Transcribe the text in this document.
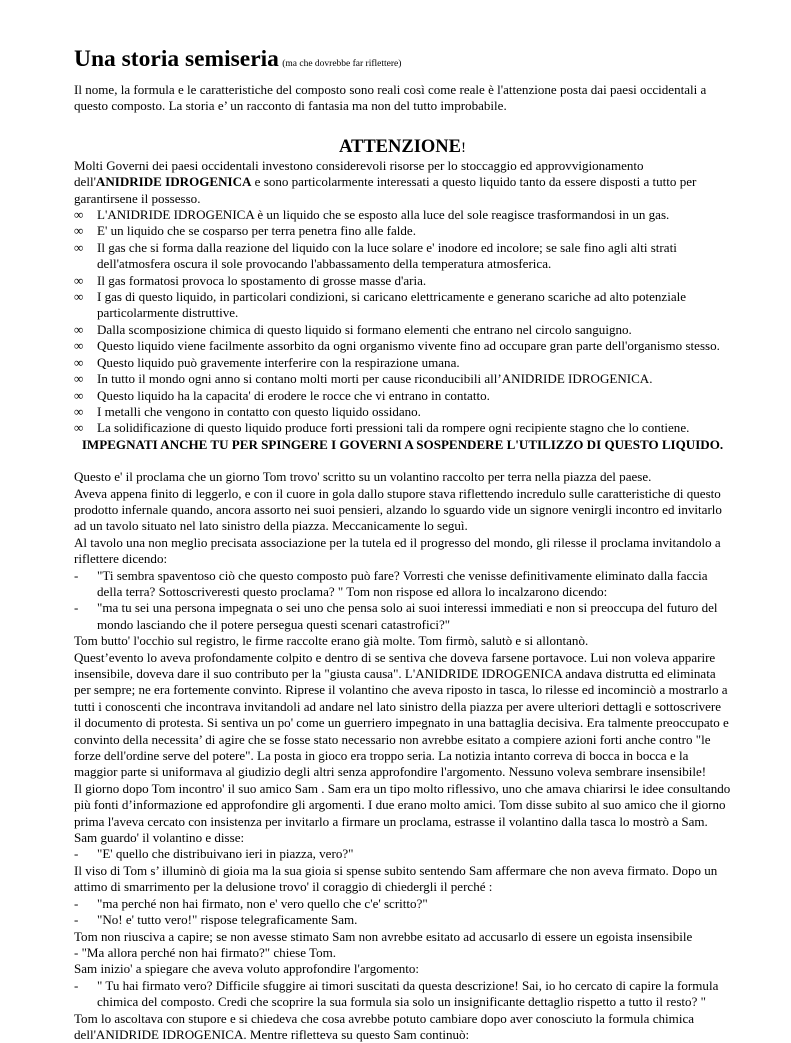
Una storia semiseria (ma che dovrebbe far riflettere)

Il nome, la formula e le caratteristiche del composto sono reali così come reale è l'attenzione posta dai paesi occidentali a questo composto. La storia e’ un racconto di fantasia ma non del tutto improbabile.

ATTENZIONE!

Molti Governi dei paesi occidentali investono considerevoli risorse per lo stoccaggio ed approvvigionamento dell'ANIDRIDE IDROGENICA e sono particolarmente interessati a questo liquido tanto da essere disposti a tutto per garantirsene il possesso.

∞ L'ANIDRIDE IDROGENICA è un liquido che se esposto alla luce del sole reagisce trasformandosi in un gas.
∞ E' un liquido che se cosparso per terra penetra fino alle falde.
∞ Il gas che si forma dalla reazione del liquido con la luce solare e' inodore ed incolore; se sale fino agli alti strati dell'atmosfera oscura il sole provocando l'abbassamento della temperatura atmosferica.
∞ Il gas formatosi provoca lo spostamento di grosse masse d'aria.
∞ I gas di questo liquido, in particolari condizioni, si caricano elettricamente e generano scariche ad alto potenziale particolarmente distruttive.
∞ Dalla scomposizione chimica di questo liquido si formano elementi che entrano nel circolo sanguigno.
∞ Questo liquido viene facilmente assorbito da ogni organismo vivente fino ad occupare gran parte dell'organismo stesso.
∞ Questo liquido può gravemente interferire con la respirazione umana.
∞ In tutto il mondo ogni anno si contano molti morti per cause riconducibili all’ANIDRIDE IDROGENICA.
∞ Questo liquido ha la capacita' di erodere le rocce che vi entrano in contatto.
∞ I metalli che vengono in contatto con questo liquido ossidano.
∞ La solidificazione di questo liquido produce forti pressioni tali da rompere ogni recipiente stagno che lo contiene.

IMPEGNATI ANCHE TU PER SPINGERE I GOVERNI A SOSPENDERE L'UTILIZZO DI QUESTO LIQUIDO.

Questo e' il proclama che un giorno Tom trovo' scritto su un volantino raccolto per terra nella piazza del paese.

Aveva appena finito di leggerlo, e con il cuore in gola dallo stupore stava riflettendo incredulo sulle caratteristiche di questo prodotto infernale quando, ancora assorto nei suoi pensieri, alzando lo sguardo vide un signore venirgli incontro ed invitarlo ad un tavolo situato nel lato sinistro della piazza. Meccanicamente lo seguì.

Al tavolo una non meglio precisata associazione per la tutela ed il progresso del mondo, gli rilesse il proclama invitandolo a riflettere dicendo:

- "Ti sembra spaventoso ciò che questo composto può fare? Vorresti che venisse definitivamente eliminato dalla faccia della terra? Sottoscriveresti questo proclama? " Tom non rispose ed allora lo incalzarono dicendo:
- "ma tu sei una persona impegnata o sei uno che pensa solo ai suoi interessi immediati e non si preoccupa del futuro del mondo lasciando che il potere persegua questi scenari catastrofici?"

Tom butto' l'occhio sul registro, le firme raccolte erano già molte. Tom firmò, salutò e si allontanò.

Quest’evento lo aveva profondamente colpito e dentro di se sentiva che doveva farsene portavoce. Lui non voleva apparire insensibile, doveva dare il suo contributo per la "giusta causa". L'ANIDRIDE IDROGENICA andava distrutta ed eliminata per sempre; ne era fortemente convinto. Riprese il volantino che aveva riposto in tasca, lo rilesse ed incominciò a mostrarlo a tutti i conoscenti che incontrava invitandoli ad andare nel lato sinistro della piazza per avere ulteriori dettagli e sottoscrivere il documento di protesta. Si sentiva un po' come un guerriero impegnato in una battaglia decisiva. Era talmente preoccupato e convinto della necessita’ di agire che se fosse stato necessario non avrebbe esitato a compiere azioni forti anche contro "le forze dell'ordine serve del potere". La posta in gioco era troppo seria. La notizia intanto correva di bocca in bocca e la maggior parte si uniformava al giudizio degli altri senza approfondire l'argomento. Nessuno voleva sembrare insensibile!

Il giorno dopo Tom incontro' il suo amico Sam . Sam era un tipo molto riflessivo, uno che amava chiarirsi le idee consultando più fonti d’informazione ed approfondire gli argomenti. I due erano molto amici. Tom disse subito al suo amico che il giorno prima l'aveva cercato con insistenza per invitarlo a firmare un proclama, estrasse il volantino dalla tasca lo mostrò a Sam. Sam guardo' il volantino e disse:

- "E' quello che distribuivano ieri in piazza, vero?"

Il viso di Tom s’ illuminò di gioia ma la sua gioia si spense subito sentendo Sam affermare che non aveva firmato. Dopo un attimo di smarrimento per la delusione trovo' il coraggio di chiedergli il perché :

- "ma perché non hai firmato, non e' vero quello che c'e' scritto?"
- "No! e' tutto vero!" rispose telegraficamente Sam.

Tom non riusciva a capire; se non avesse stimato Sam non avrebbe esitato ad accusarlo di essere un egoista insensibile

- "Ma allora perché non hai firmato?" chiese Tom.

Sam inizio' a spiegare che aveva voluto approfondire l'argomento:

- " Tu hai firmato vero? Difficile sfuggire ai timori suscitati da questa descrizione! Sai, io ho cercato di capire la formula chimica del composto. Credi che scoprire la sua formula sia solo un insignificante dettaglio rispetto a tutto il resto? "

Tom lo ascoltava con stupore e si chiedeva che cosa avrebbe potuto cambiare dopo aver conosciuto la formula chimica dell'ANIDRIDE IDROGENICA. Mentre rifletteva su questo Sam continuò:
